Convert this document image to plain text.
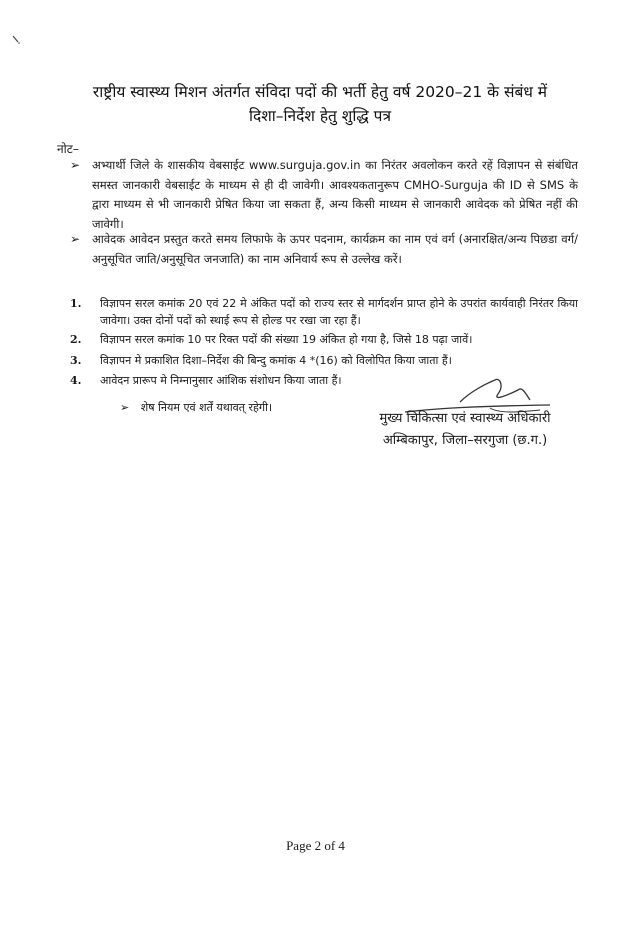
राष्ट्रीय स्वास्थ्य मिशन अंतर्गत संविदा पदों की भर्ती हेतु वर्ष 2020–21 के संबंध में
दिशा–निर्देश हेतु शुद्धि पत्र
नोट–
➢ अभ्यार्थी जिले के शासकीय वेबसाईट www.surguja.gov.in का निरंतर अवलोकन करते रहें विज्ञापन से संबंधित समस्त जानकारी वेबसाईट के माध्यम से ही दी जावेगी। आवश्यकतानुरूप CMHO-Surguja की ID से SMS के द्वारा माध्यम से भी जानकारी प्रेषित किया जा सकता हैं, अन्य किसी माध्यम से जानकारी आवेदक को प्रेषित नहीं की जावेगी।
➢ आवेदक आवेदन प्रस्तुत करते समय लिफाफे के ऊपर पदनाम, कार्यक्रम का नाम एवं वर्ग (अनारक्षित/अन्य पिछडा वर्ग/अनुसूचित जाति/अनुसूचित जनजाति) का नाम अनिवार्य रूप से उल्लेख करें।
1. विज्ञापन सरल कमांक 20 एवं 22 मे अंकित पदों को राज्य स्तर से मार्गदर्शन प्राप्त होने के उपरांत कार्यवाही निरंतर किया जावेगा। उक्त दोनों पदों को स्थाई रूप से होल्ड पर रखा जा रहा हैं।
2. विज्ञापन सरल कमांक 10 पर रिक्त पदों की संख्या 19 अंकित हो गया है, जिसे 18 पढ़ा जावें।
3. विज्ञापन मे प्रकाशित दिशा–निर्देश की बिन्दु कमांक 4 *(16) को विलोपित किया जाता हैं।
4. आवेदन प्रारूप मे निम्नानुसार आंशिक संशोधन किया जाता हैं।
➢ शेष नियम एवं शर्तें यथावत् रहेगी।
मुख्य चिकित्सा एवं स्वास्थ्य अधिकारी
अम्बिकापुर, जिला–सरगुजा (छ.ग.)
Page 2 of 4
